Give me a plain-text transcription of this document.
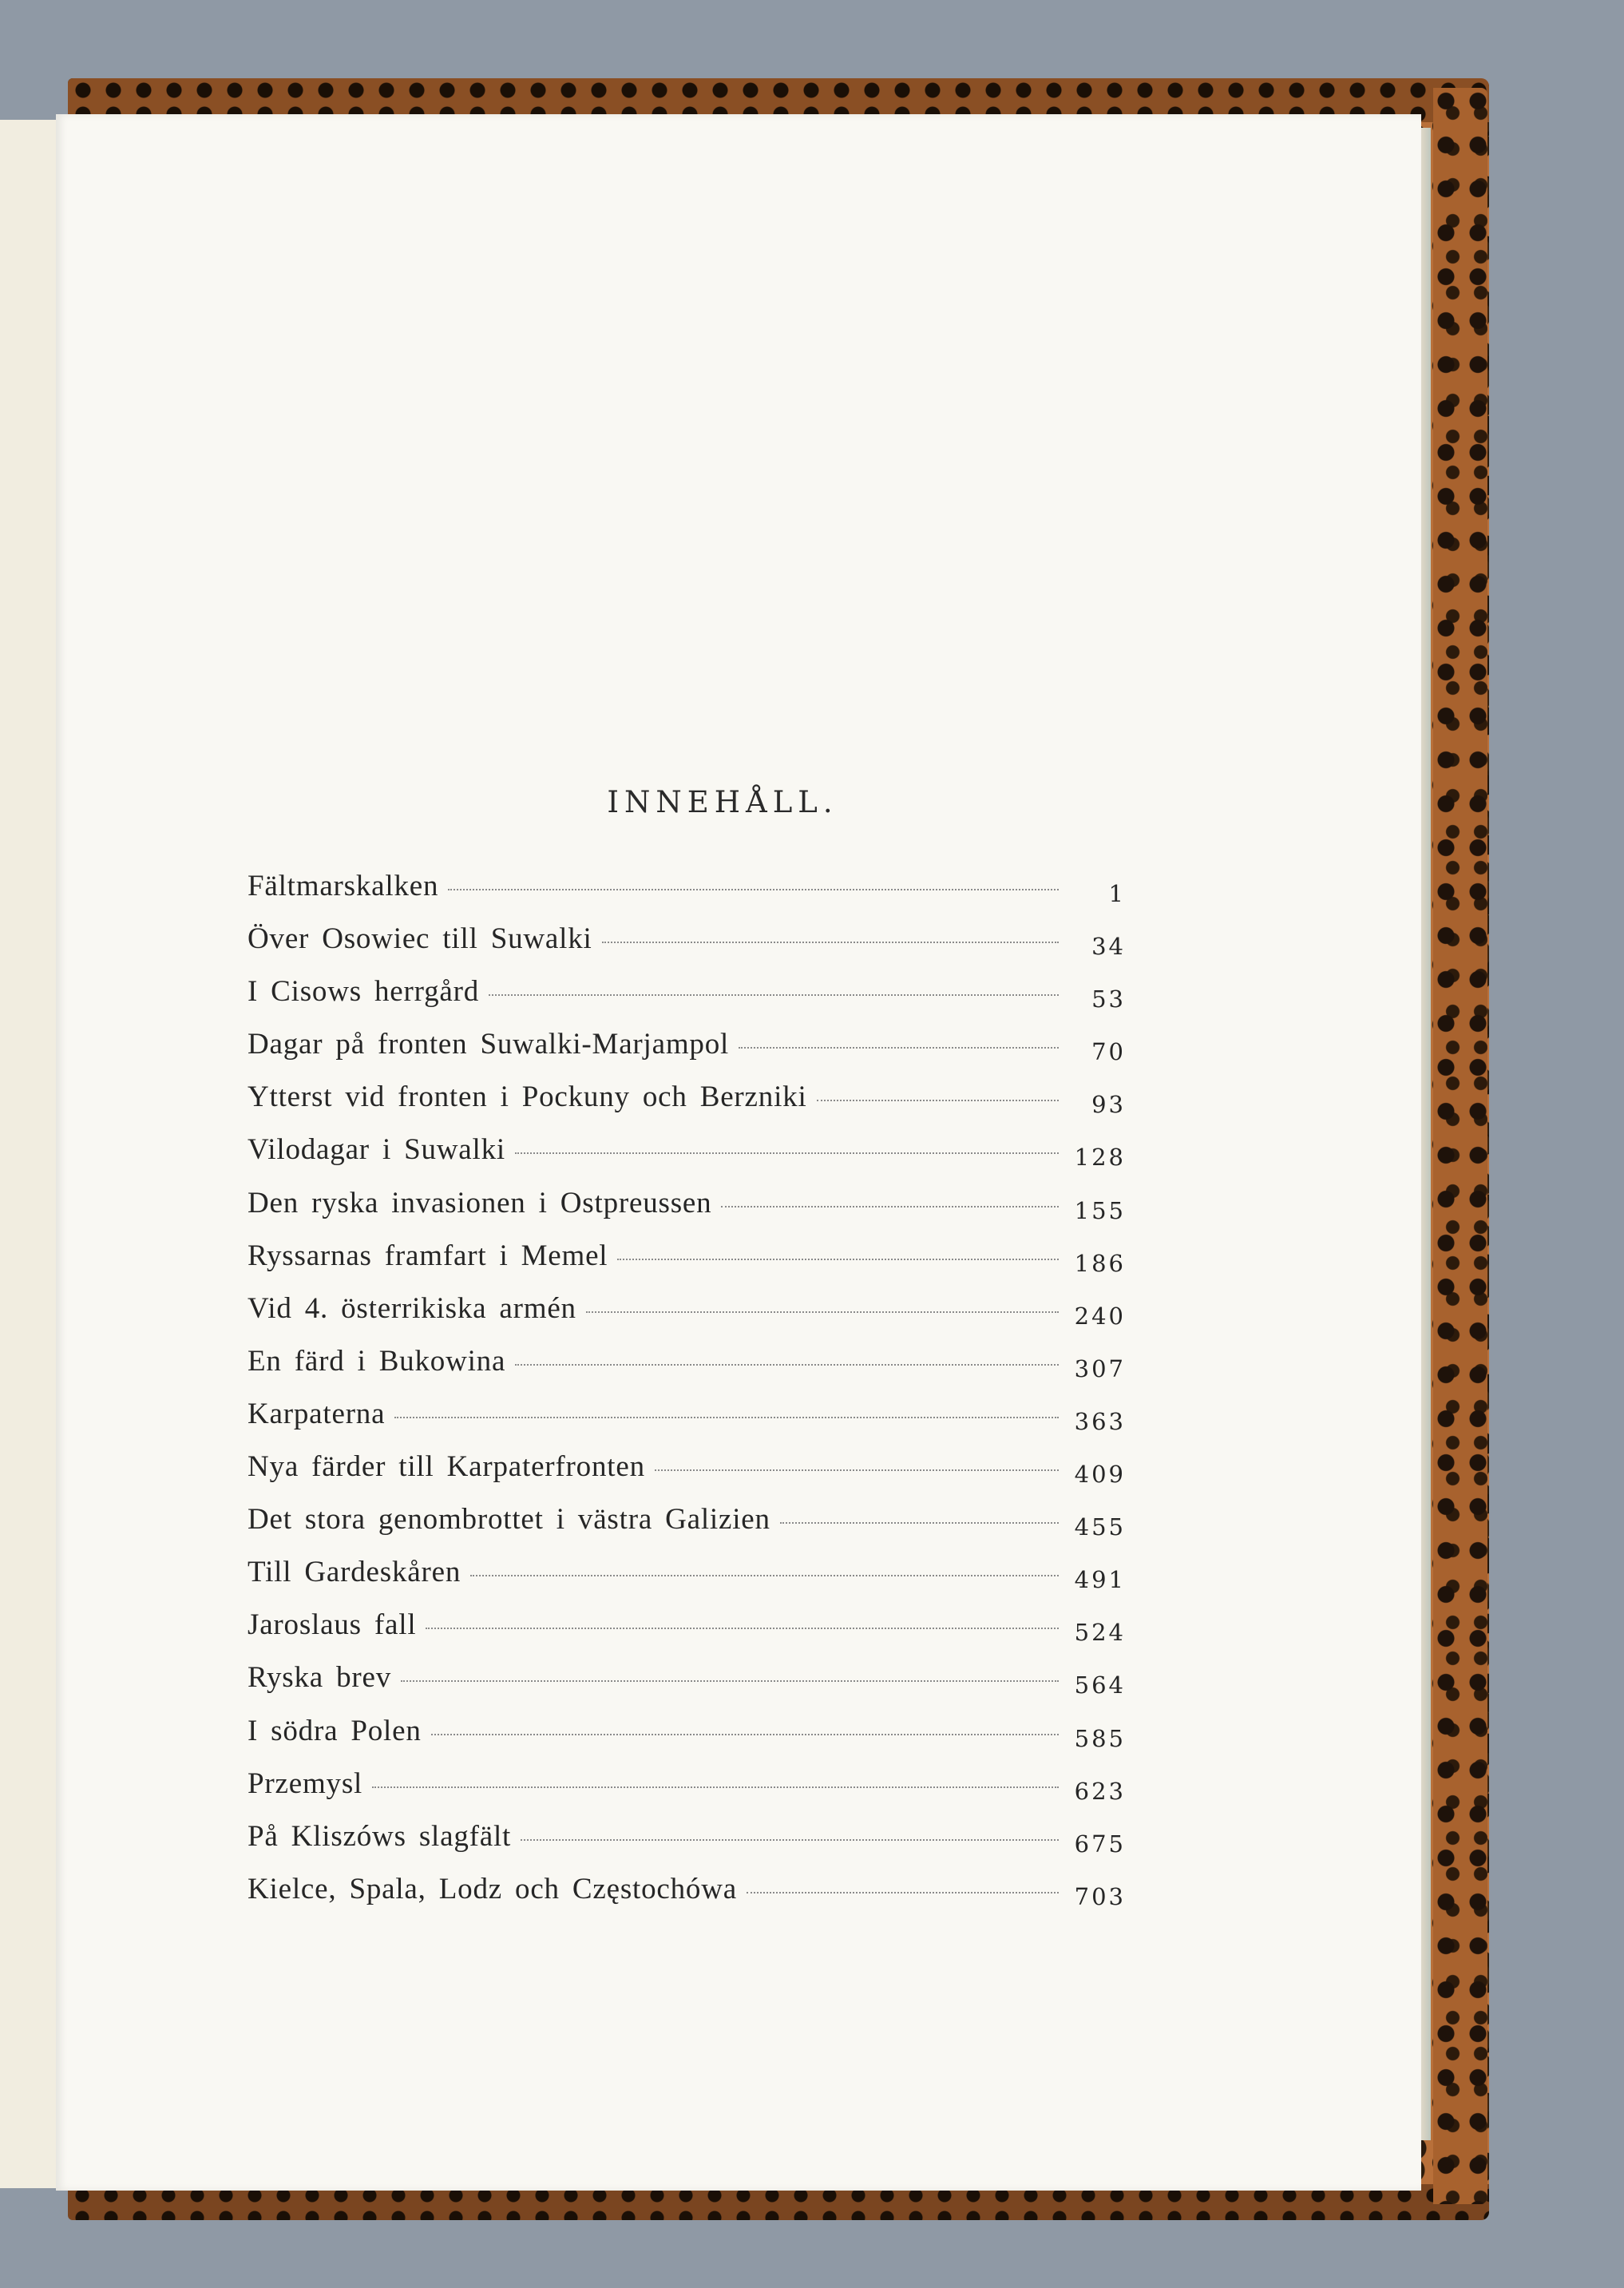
INNEHÅLL.
Fältmarskalken	1
Över Osowiec till Suwalki	34
I Cisows herrgård	53
Dagar på fronten Suwalki-Marjampol	70
Ytterst vid fronten i Pockuny och Berzniki	93
Vilodagar i Suwalki	128
Den ryska invasionen i Ostpreussen	155
Ryssarnas framfart i Memel	186
Vid 4. österrikiska armén	240
En färd i Bukowina	307
Karpaterna	363
Nya färder till Karpaterfronten	409
Det stora genombrottet i västra Galizien	455
Till Gardeskåren	491
Jaroslaus fall	524
Ryska brev	564
I södra Polen	585
Przemysl	623
På Kliszóws slagfält	675
Kielce, Spala, Lodz och Częstochówa	703
